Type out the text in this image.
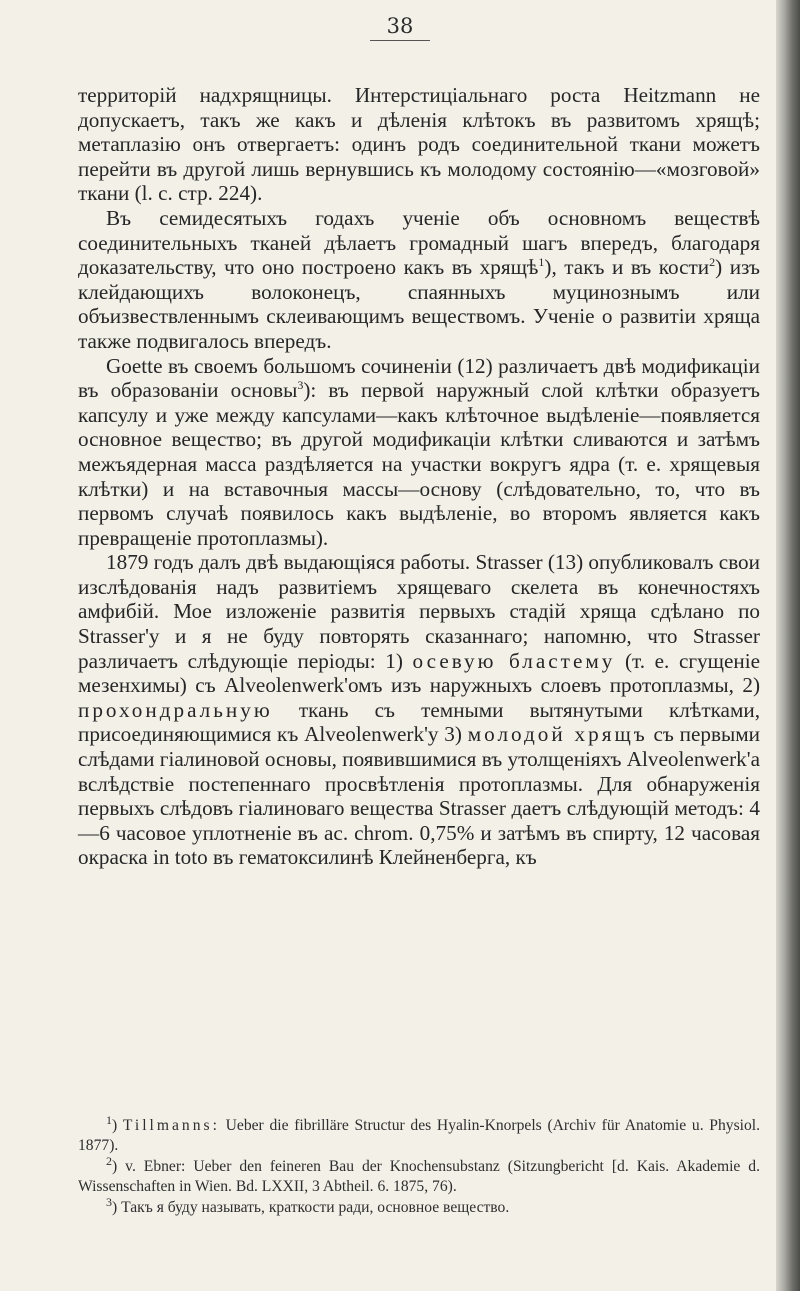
38

территорій надхрящницы. Интерстиціальнаго роста Heitzmann не допускаетъ, такъ же какъ и дѣленія клѣтокъ въ развитомъ хрящѣ; метаплазію онъ отвергаетъ: одинъ родъ соединительной ткани можетъ перейти въ другой лишь вернувшись къ молодому состоянію—«мозговой» ткани (l. c. стр. 224).

Въ семидесятыхъ годахъ ученіе объ основномъ веществѣ соединительныхъ тканей дѣлаетъ громадный шагъ впередъ, благодаря доказательству, что оно построено какъ въ хрящѣ$^1$), такъ и въ кости$^2$) изъ клейдающихъ волоконецъ, спаянныхъ муцинознымъ или объизвествленнымъ склеивающимъ веществомъ. Ученіе о развитіи хряща также подвигалось впередъ.

Goette въ своемъ большомъ сочиненіи (12) различаетъ двѣ модификаціи въ образованіи основы$^3$): въ первой наружный слой клѣтки образуетъ капсулу и уже между капсулами—какъ клѣточное выдѣленіе—появляется основное вещество; въ другой модификаціи клѣтки сливаются и затѣмъ межъядерная масса раздѣляется на участки вокругъ ядра (т. е. хрящевыя клѣтки) и на вставочныя массы—основу (слѣдовательно, то, что въ первомъ случаѣ появилось какъ выдѣленіе, во второмъ является какъ превращеніе протоплазмы).

1879 годъ далъ двѣ выдающіяся работы. Strasser (13) опубликовалъ свои изслѣдованія надъ развитіемъ хрящеваго скелета въ конечностяхъ амфибій. Мое изложеніе развитія первыхъ стадій хряща сдѣлано по Strasser'у и я не буду повторять сказаннаго; напомню, что Strasser различаетъ слѣдующіе періоды: 1) осевую бластему (т. е. сгущеніе мезенхимы) съ Alveolenwerk'омъ изъ наружныхъ слоевъ протоплазмы, 2) прохондральную ткань съ темными вытянутыми клѣтками, присоединяющимися къ Alveolenwerk'у 3) молодой хрящъ съ первыми слѣдами гіалиновой основы, появившимися въ утолщеніяхъ Alveolenwerk'a вслѣдствіе постепеннаго просвѣтленія протоплазмы. Для обнаруженія первыхъ слѣдовъ гіалиноваго вещества Strasser даетъ слѣдующій методъ: 4—6 часовое уплотненіе въ ac. chrom. 0,75% и затѣмъ въ спирту, 12 часовая окраска in toto въ гематоксилинѣ Клейненберга, къ

$^1$) Tillmanns: Ueber die fibrilläre Structur des Hyalin-Knorpels (Archiv für Anatomie u. Physiol. 1877).

$^2$) v. Ebner: Ueber den feineren Bau der Knochensubstanz (Sitzungbericht [d. Kais. Akademie d. Wissenschaften in Wien. Bd. LXXII, 3 Abtheil. 6. 1875, 76).

$^3$) Такъ я буду называть, краткости ради, основное вещество.
